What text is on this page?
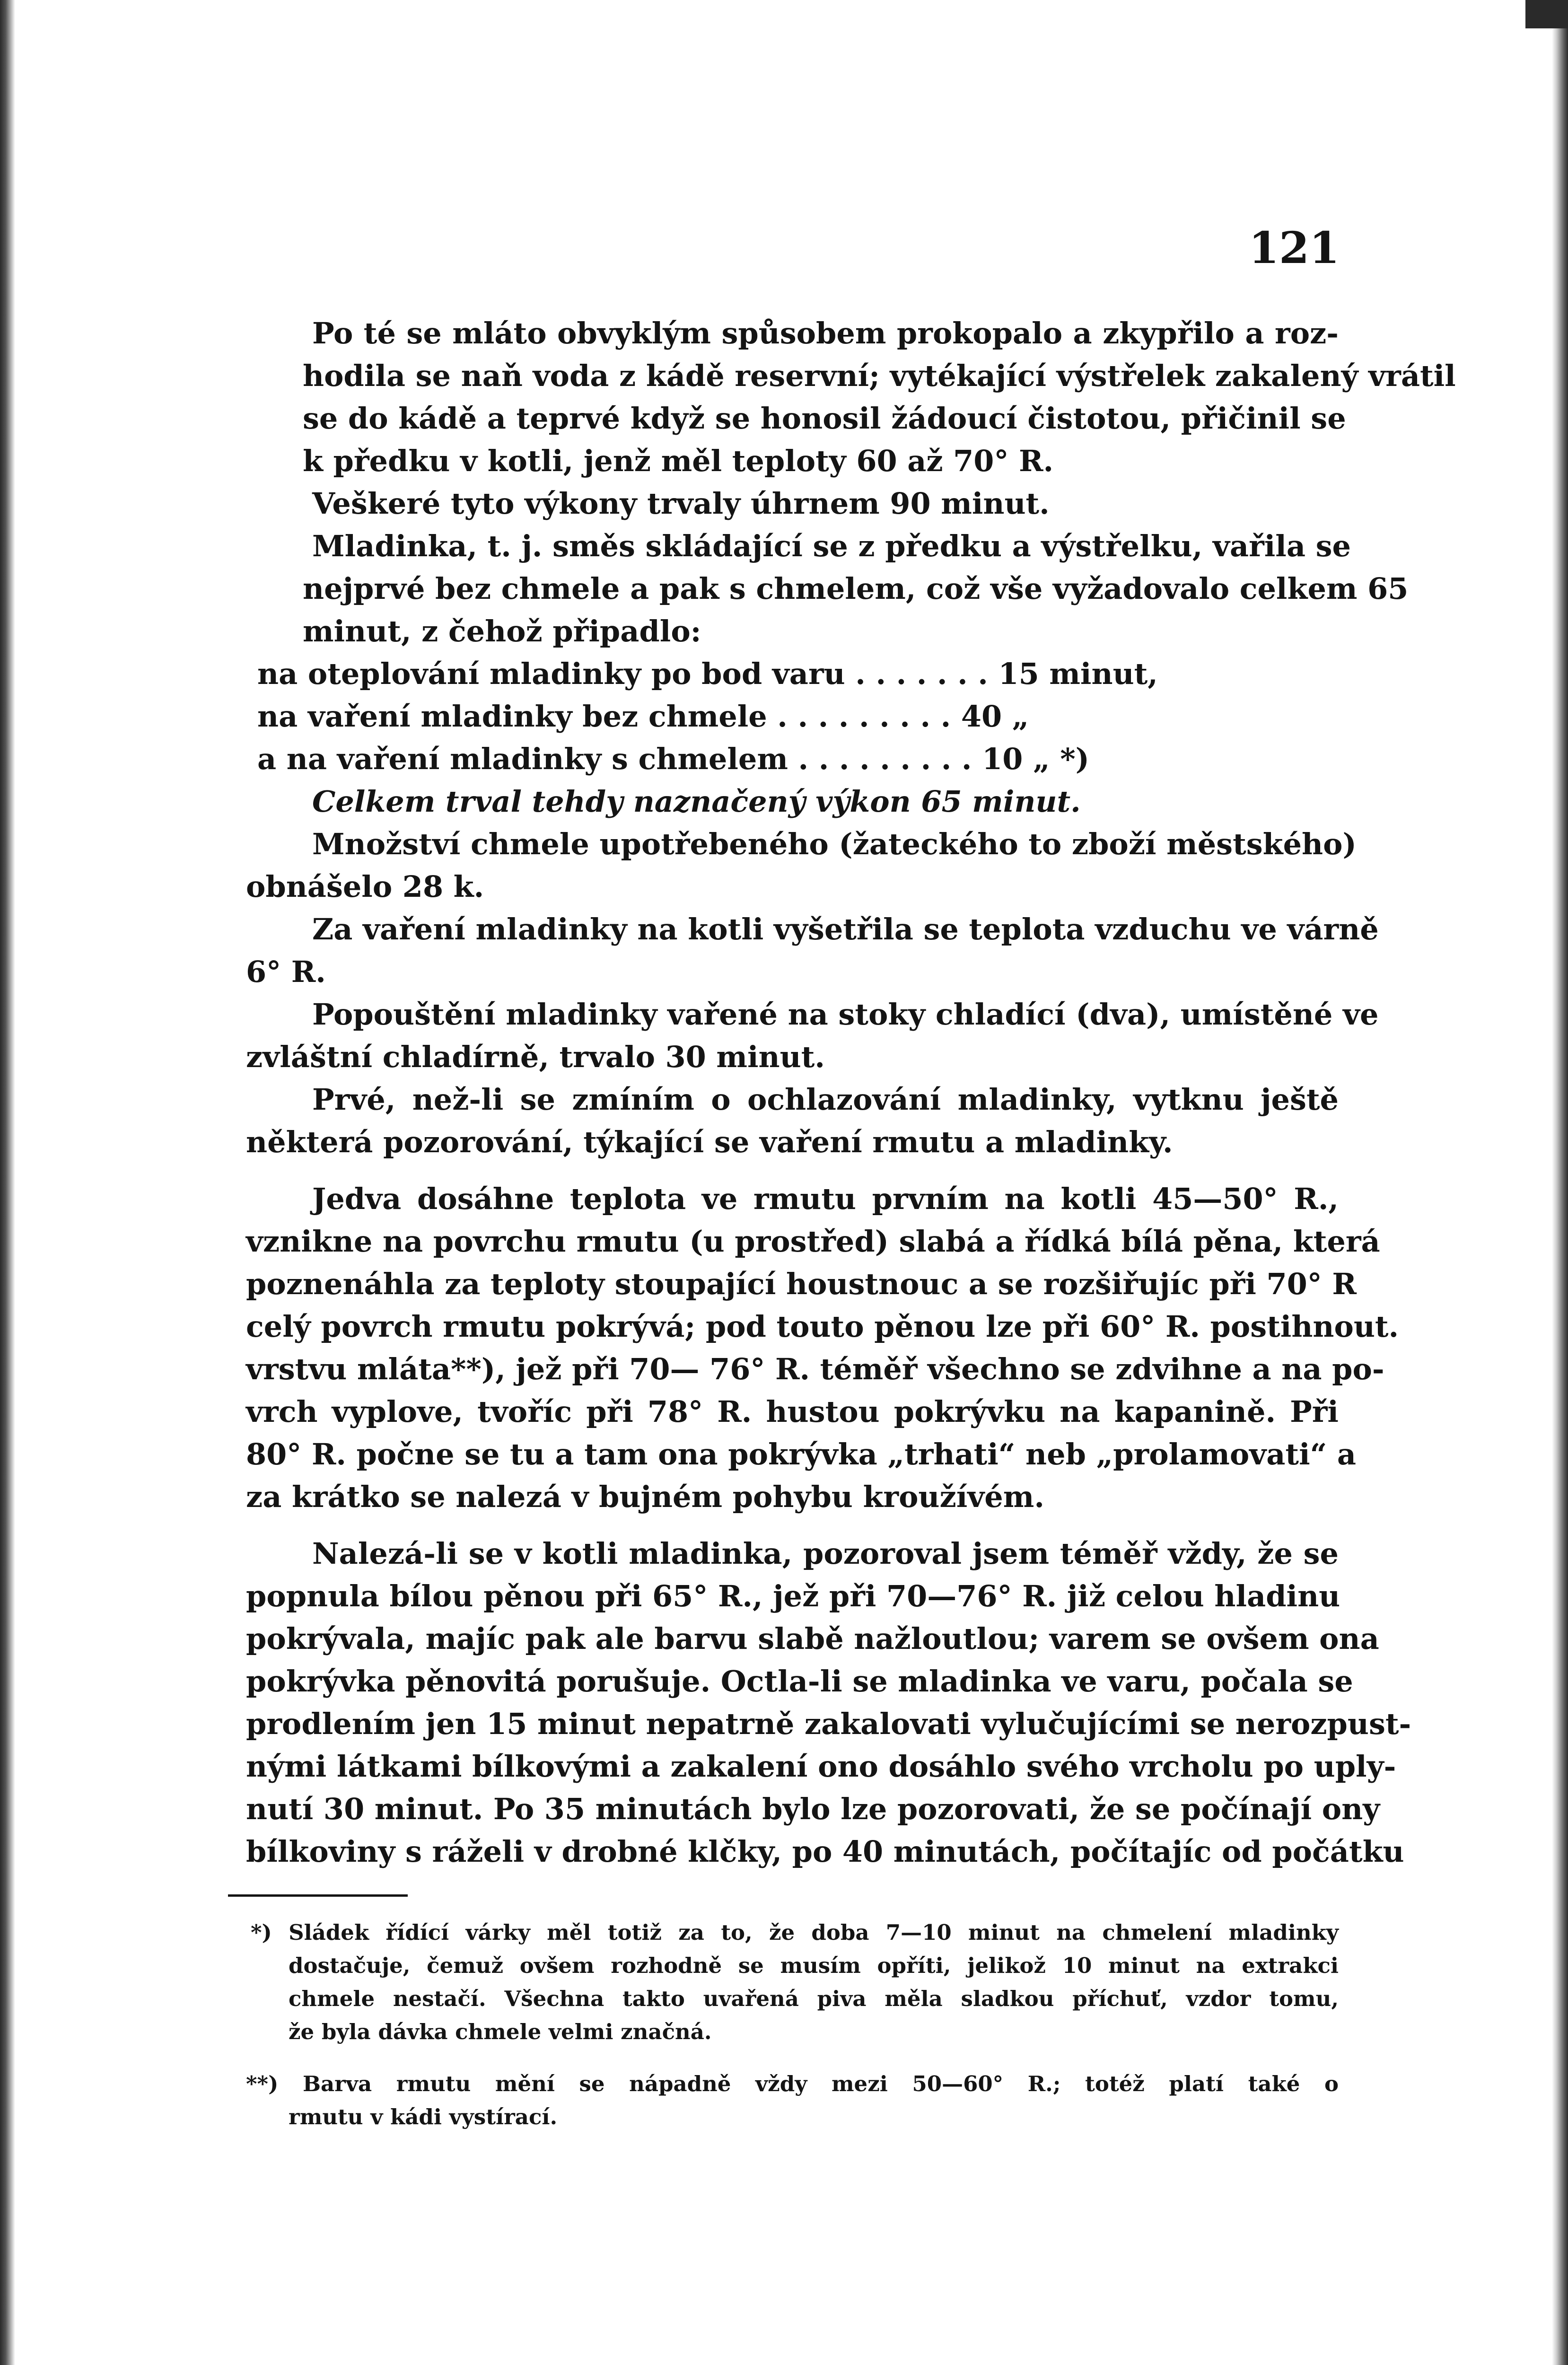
121
Po té se mláto obvyklým spůsobem prokopalo a zkypřilo a roz-
hodila se naň voda z kádě reservní; vytékající výstřelek zakalený vrátil
se do kádě a teprvé když se honosil žádoucí čistotou, přičinil se
k předku v kotli, jenž měl teploty 60 až 70° R.
Veškeré tyto výkony trvaly úhrnem 90 minut.
Mladinka, t. j. směs skládající se z předku a výstřelku, vařila se
nejprvé bez chmele a pak s chmelem, což vše vyžadovalo celkem 65
minut, z čehož připadlo:
na oteplování mladinky po bod varu . . . . . . . 15 minut,
na vaření mladinky bez chmele . . . . . . . . . 40 „
a na vaření mladinky s chmelem . . . . . . . . . 10 „ *)
Celkem trval tehdy naznačený výkon 65 minut.
Množství chmele upotřebeného (žateckého to zboží městského)
obnášelo 28 k.
Za vaření mladinky na kotli vyšetřila se teplota vzduchu ve várně
6° R.
Popouštění mladinky vařené na stoky chladící (dva), umístěné ve
zvláštní chladírně, trvalo 30 minut.
Prvé, než-li se zmíním o ochlazování mladinky, vytknu ještě
některá pozorování, týkající se vaření rmutu a mladinky.
Jedva dosáhne teplota ve rmutu prvním na kotli 45—50° R.,
vznikne na povrchu rmutu (u prostřed) slabá a řídká bílá pěna, která
poznenáhla za teploty stoupající houstnouc a se rozšiřujíc při 70° R
celý povrch rmutu pokrývá; pod touto pěnou lze při 60° R. postihnout.
vrstvu mláta**), jež při 70— 76° R. téměř všechno se zdvihne a na po-
vrch vyplove, tvoříc při 78° R. hustou pokrývku na kapanině. Při
80° R. počne se tu a tam ona pokrývka „trhati“ neb „prolamovati“ a
za krátko se nalezá v bujném pohybu kroužívém.
Nalezá-li se v kotli mladinka, pozoroval jsem téměř vždy, že se
popnula bílou pěnou při 65° R., jež při 70—76° R. již celou hladinu
pokrývala, majíc pak ale barvu slabě nažloutlou; varem se ovšem ona
pokrývka pěnovitá porušuje. Octla-li se mladinka ve varu, počala se
prodlením jen 15 minut nepatrně zakalovati vylučujícími se nerozpust-
nými látkami bílkovými a zakalení ono dosáhlo svého vrcholu po uply-
nutí 30 minut. Po 35 minutách bylo lze pozorovati, že se počínají ony
bílkoviny s ráželi v drobné klčky, po 40 minutách, počítajíc od počátku
*) Sládek řídící várky měl totiž za to, že doba 7—10 minut na chmelení mladinky
dostačuje, čemuž ovšem rozhodně se musím opříti, jelikož 10 minut na extrakci
chmele nestačí. Všechna takto uvařená piva měla sladkou příchuť, vzdor tomu,
že byla dávka chmele velmi značná.
**) Barva rmutu mění se nápadně vždy mezi 50—60° R.; totéž platí také o
rmutu v kádi vystírací.
